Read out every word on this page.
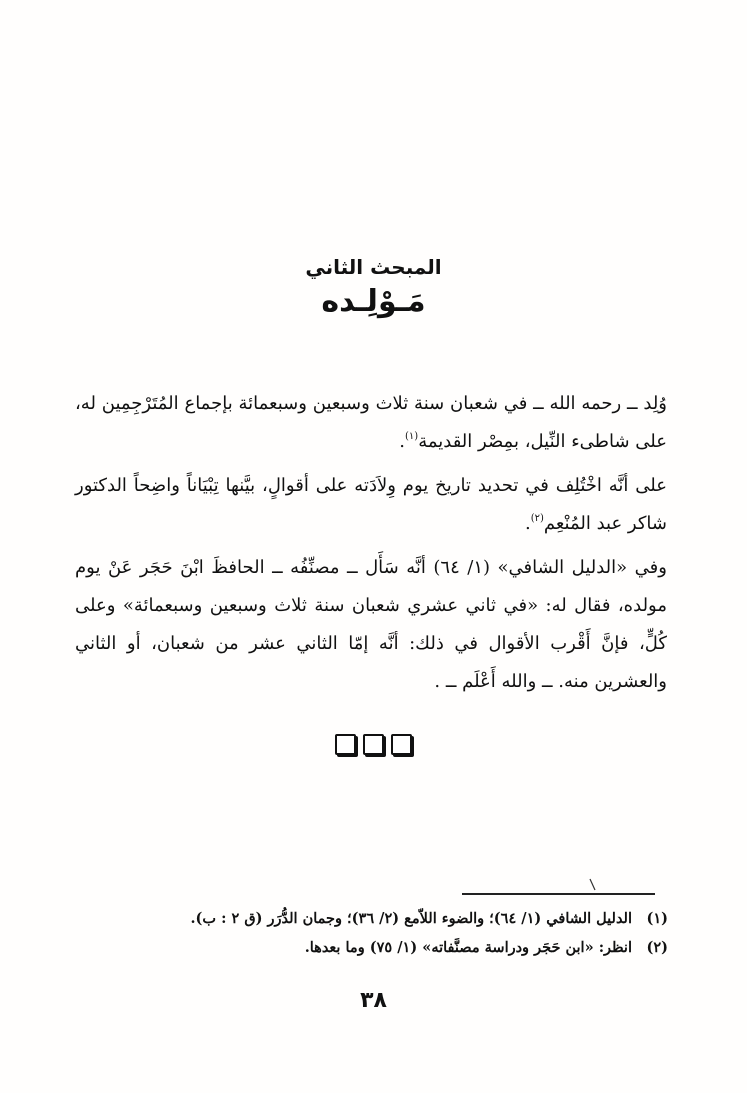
المبحث الثاني
مَـوْلِـده

وُلِد ــ رحمه الله ــ في شعبان سنة ثلاث وسبعين وسبعمائة بإجماع المُتَرْجِمِين له، على شاطىء النِّيل، بمِصْر القديمة$^{(١)}$.

على أنَّه اخْتُلِف في تحديد تاريخ يوم وِلاَدَته على أقوالٍ، بيَّنها تِبْيَاناً واضِحاً الدكتور شاكر عبد المُنْعِم$^{(٢)}$.

وفي «الدليل الشافي» (١/ ٦٤) أنَّه سَأَل ــ مصنِّفُه ــ الحافظَ ابْنَ حَجَر عَنْ يوم مولده، فقال له: «في ثاني عشري شعبان سنة ثلاث وسبعين وسبعمائة» وعلى كُلٍّ، فإنَّ أَقْرب الأقوال في ذلك: أنَّه إمّا الثاني عشر من شعبان، أو الثاني والعشرين منه. ــ والله أَعْلَم ــ .

(١)
الدليل الشافي (١/ ٦٤)؛ والضوء اللاّمع (٢/ ٣٦)؛ وجمان الدُّرَر (ق ٢ : ب).
(٢)
انظر: «ابن حَجَر ودراسة مصنَّفاته» (١/ ٧٥) وما بعدها.
٣٨
